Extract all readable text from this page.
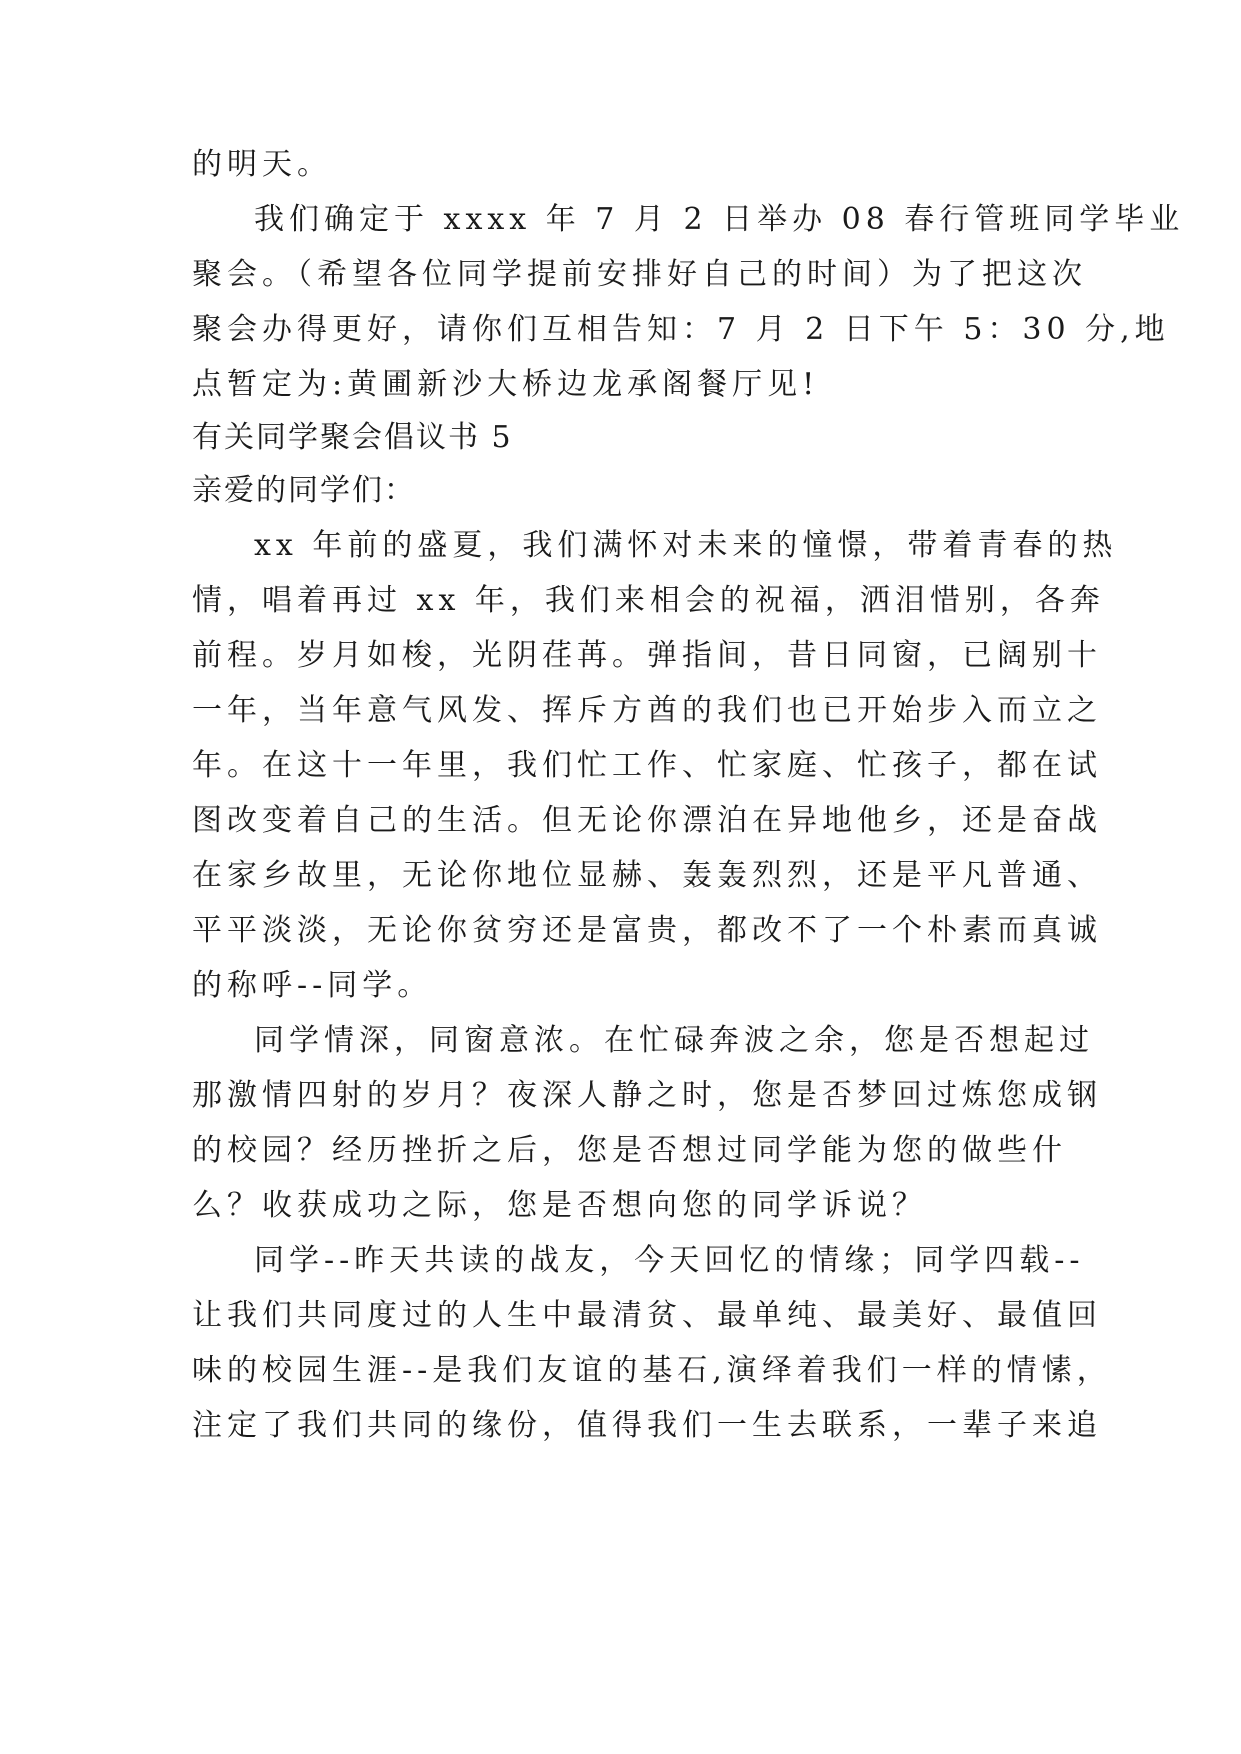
的明天。
我们确定于 xxxx 年 7 月 2 日举办 08 春行管班同学毕业
聚会。（希望各位同学提前安排好自己的时间）为了把这次
聚会办得更好，请你们互相告知：7 月 2 日下午 5：30 分,地
点暂定为:黄圃新沙大桥边龙承阁餐厅见!
有关同学聚会倡议书 5
亲爱的同学们：
xx 年前的盛夏，我们满怀对未来的憧憬，带着青春的热
情，唱着再过 xx 年，我们来相会的祝福，洒泪惜别，各奔
前程。岁月如梭，光阴荏苒。弹指间，昔日同窗，已阔别十
一年，当年意气风发、挥斥方酋的我们也已开始步入而立之
年。在这十一年里，我们忙工作、忙家庭、忙孩子，都在试
图改变着自己的生活。但无论你漂泊在异地他乡，还是奋战
在家乡故里，无论你地位显赫、轰轰烈烈，还是平凡普通、
平平淡淡，无论你贫穷还是富贵，都改不了一个朴素而真诚
的称呼--同学。
同学情深，同窗意浓。在忙碌奔波之余，您是否想起过
那激情四射的岁月？夜深人静之时，您是否梦回过炼您成钢
的校园？经历挫折之后，您是否想过同学能为您的做些什
么？收获成功之际，您是否想向您的同学诉说？
同学--昨天共读的战友，今天回忆的情缘；同学四载--
让我们共同度过的人生中最清贫、最单纯、最美好、最值回
味的校园生涯--是我们友谊的基石,演绎着我们一样的情愫，
注定了我们共同的缘份，值得我们一生去联系，一辈子来追
